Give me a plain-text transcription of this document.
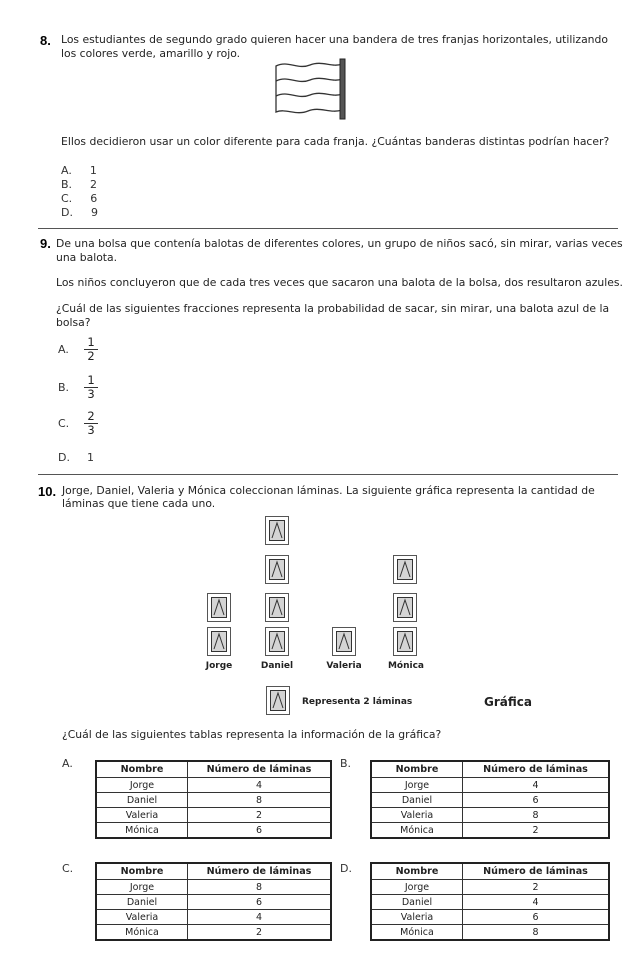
8. Los estudiantes de segundo grado quieren hacer una bandera de tres franjas horizontales, utilizando
los colores verde, amarillo y rojo.
Ellos decidieron usar un color diferente para cada franja. ¿Cuántas banderas distintas podrían hacer?
A. 1
B. 2
C. 6
D. 9
9. De una bolsa que contenía balotas de diferentes colores, un grupo de niños sacó, sin mirar, varias veces
una balota.
Los niños concluyeron que de cada tres veces que sacaron una balota de la bolsa, dos resultaron azules.
¿Cuál de las siguientes fracciones representa la probabilidad de sacar, sin mirar, una balota azul de la bolsa?
A. $\frac{1}{2}$
B. $\frac{1}{3}$
C. $\frac{2}{3}$
D. 1
10. Jorge, Daniel, Valeria y Mónica coleccionan láminas. La siguiente gráfica representa la cantidad de
láminas que tiene cada uno.
Jorge	Daniel	Valeria	Mónica
Representa 2 láminas	Gráfica
¿Cuál de las siguientes tablas representa la información de la gráfica?
A.	Nombre	Número de láminas
Jorge	4
Daniel	8
Valeria	2
Mónica	6
B.	Nombre	Número de láminas
Jorge	4
Daniel	6
Valeria	8
Mónica	2
C.	Nombre	Número de láminas
Jorge	8
Daniel	6
Valeria	4
Mónica	2
D.	Nombre	Número de láminas
Jorge	2
Daniel	4
Valeria	6
Mónica	8
